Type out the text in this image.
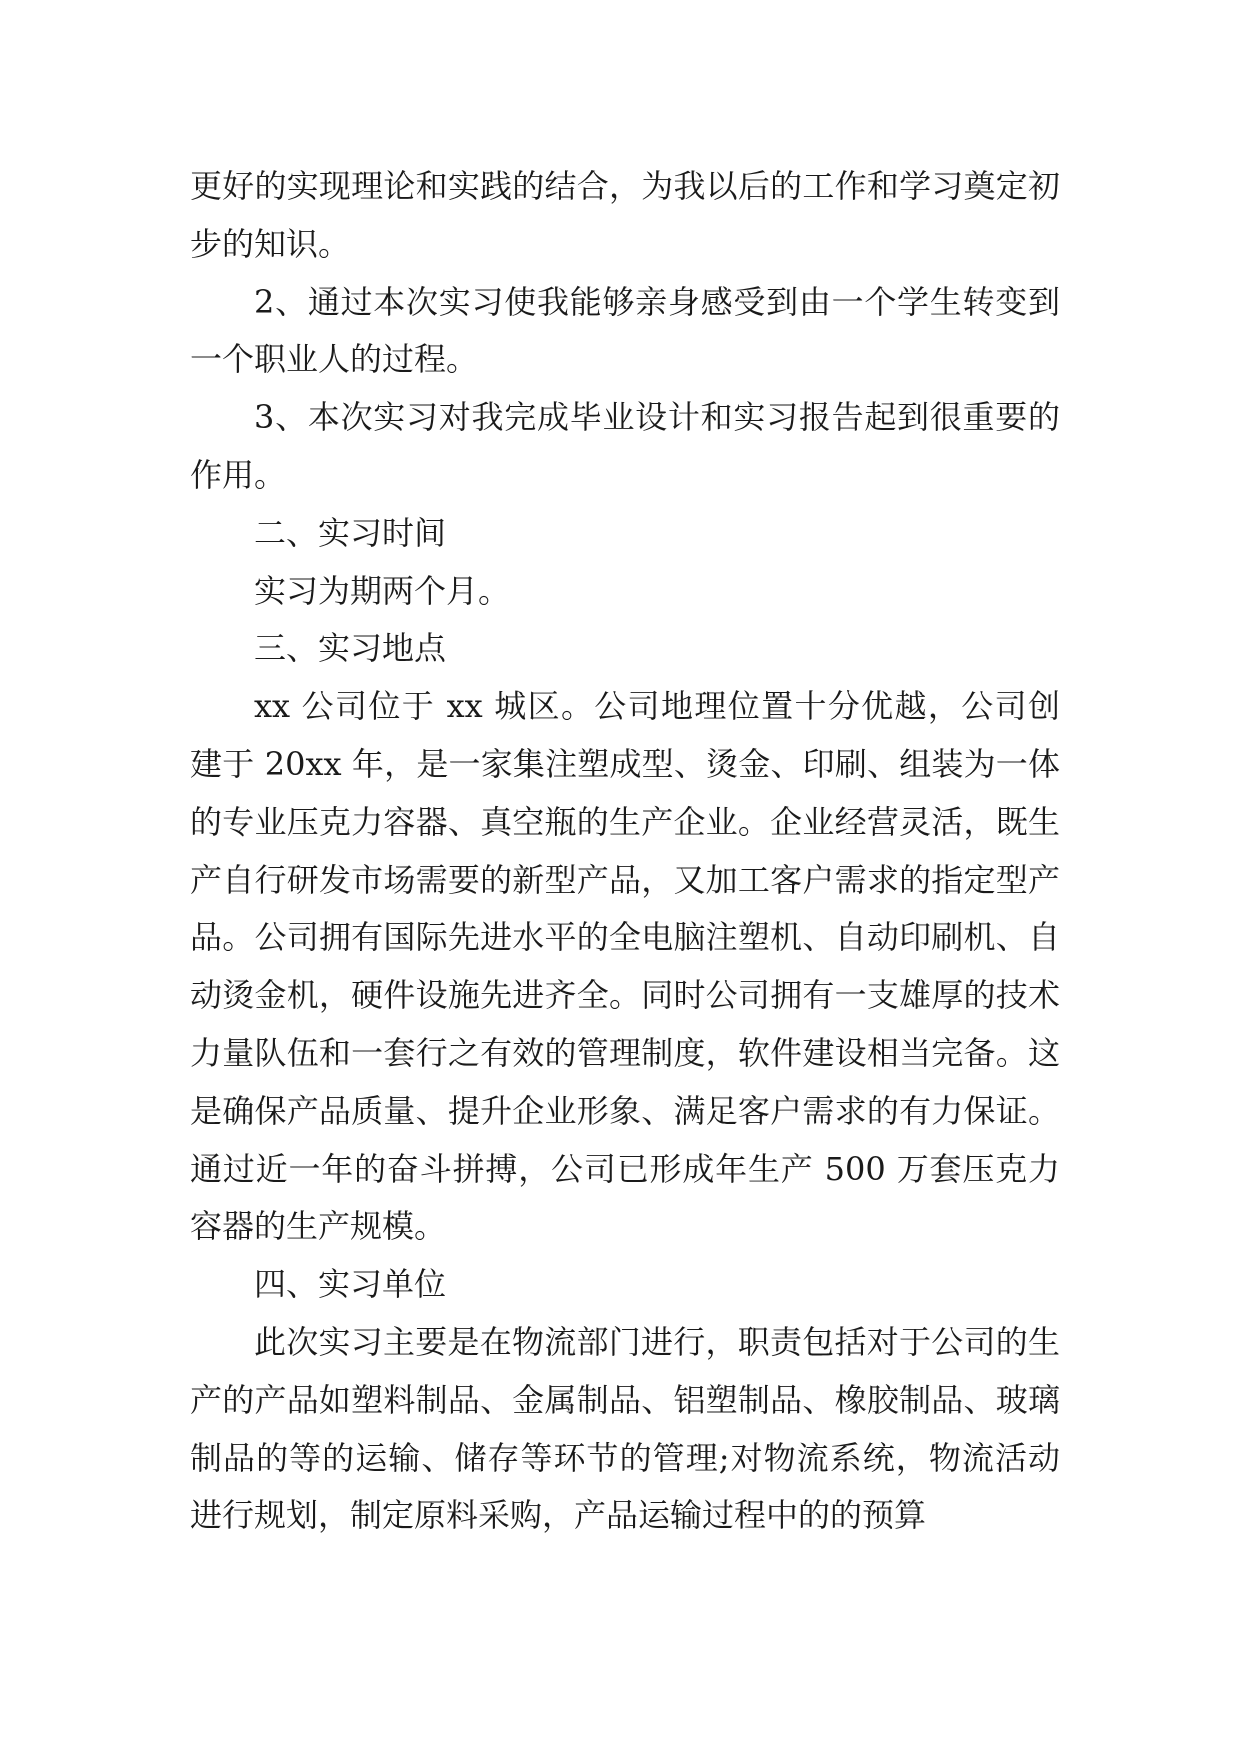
更好的实现理论和实践的结合，为我以后的工作和学习奠定初步的知识。

2、通过本次实习使我能够亲身感受到由一个学生转变到一个职业人的过程。

3、本次实习对我完成毕业设计和实习报告起到很重要的作用。

二、实习时间

实习为期两个月。

三、实习地点

xx 公司位于 xx 城区。公司地理位置十分优越，公司创建于 20xx 年，是一家集注塑成型、烫金、印刷、组装为一体的专业压克力容器、真空瓶的生产企业。企业经营灵活，既生产自行研发市场需要的新型产品，又加工客户需求的指定型产品。公司拥有国际先进水平的全电脑注塑机、自动印刷机、自动烫金机，硬件设施先进齐全。同时公司拥有一支雄厚的技术力量队伍和一套行之有效的管理制度，软件建设相当完备。这是确保产品质量、提升企业形象、满足客户需求的有力保证。通过近一年的奋斗拼搏，公司已形成年生产 500 万套压克力容器的生产规模。

四、实习单位

此次实习主要是在物流部门进行，职责包括对于公司的生产的产品如塑料制品、金属制品、铝塑制品、橡胶制品、玻璃制品的等的运输、储存等环节的管理;对物流系统，物流活动进行规划，制定原料采购，产品运输过程中的的预算
